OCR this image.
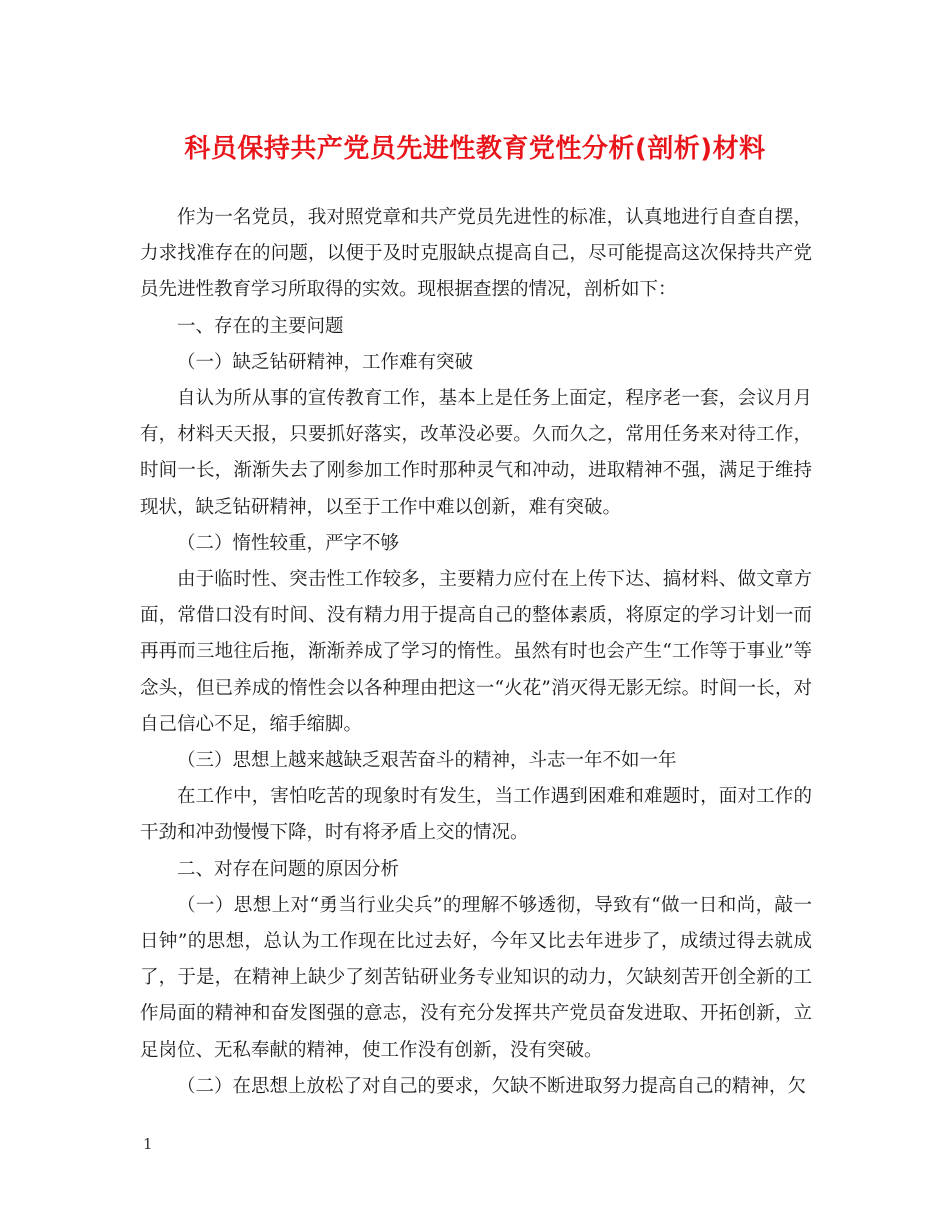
科员保持共产党员先进性教育党性分析(剖析)材料

作为一名党员，我对照党章和共产党员先进性的标准，认真地进行自查自摆，力求找准存在的问题，以便于及时克服缺点提高自己，尽可能提高这次保持共产党员先进性教育学习所取得的实效。现根据查摆的情况，剖析如下：

一、存在的主要问题

（一）缺乏钻研精神，工作难有突破

自认为所从事的宣传教育工作，基本上是任务上面定，程序老一套，会议月月有，材料天天报，只要抓好落实，改革没必要。久而久之，常用任务来对待工作，时间一长，渐渐失去了刚参加工作时那种灵气和冲动，进取精神不强，满足于维持现状，缺乏钻研精神，以至于工作中难以创新，难有突破。

（二）惰性较重，严字不够

由于临时性、突击性工作较多，主要精力应付在上传下达、搞材料、做文章方面，常借口没有时间、没有精力用于提高自己的整体素质，将原定的学习计划一而再再而三地往后拖，渐渐养成了学习的惰性。虽然有时也会产生“工作等于事业”等念头，但已养成的惰性会以各种理由把这一“火花”消灭得无影无综。时间一长，对自己信心不足，缩手缩脚。

（三）思想上越来越缺乏艰苦奋斗的精神，斗志一年不如一年

在工作中，害怕吃苦的现象时有发生，当工作遇到困难和难题时，面对工作的干劲和冲劲慢慢下降，时有将矛盾上交的情况。

二、对存在问题的原因分析

（一）思想上对“勇当行业尖兵”的理解不够透彻，导致有“做一日和尚，敲一日钟”的思想，总认为工作现在比过去好，今年又比去年进步了，成绩过得去就成了，于是，在精神上缺少了刻苦钻研业务专业知识的动力，欠缺刻苦开创全新的工作局面的精神和奋发图强的意志，没有充分发挥共产党员奋发进取、开拓创新，立足岗位、无私奉献的精神，使工作没有创新，没有突破。

（二）在思想上放松了对自己的要求，欠缺不断进取努力提高自己的精神，欠

1
